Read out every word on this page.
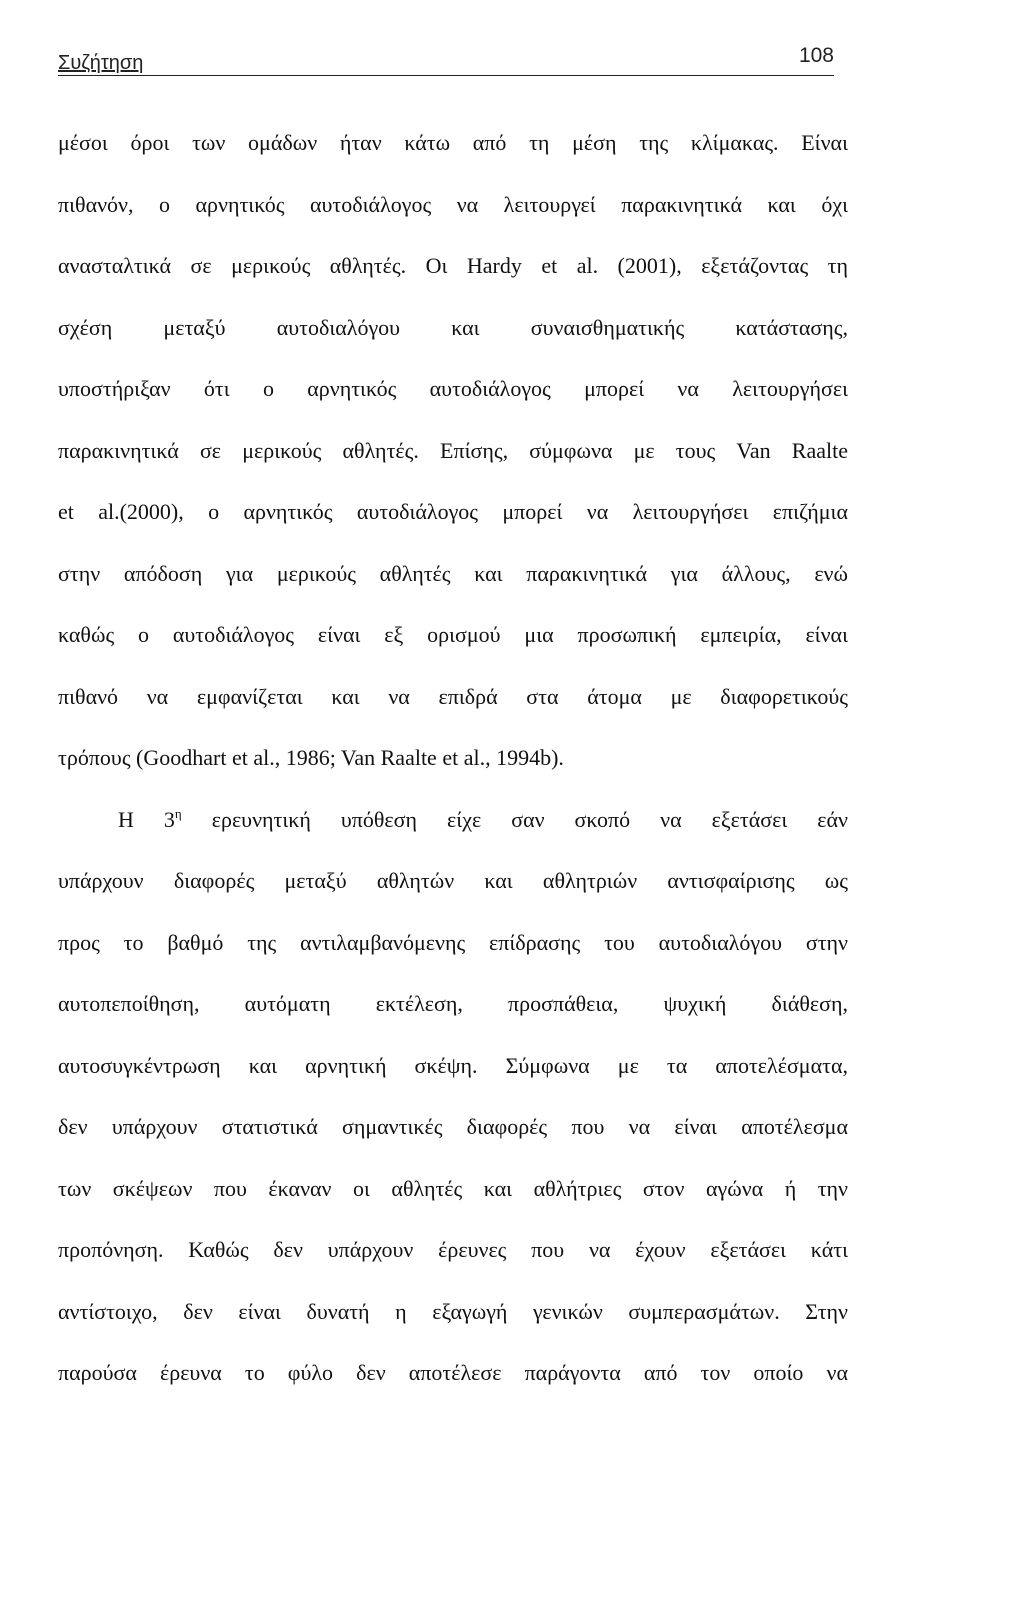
Συζήτηση	108
μέσοι όροι των ομάδων ήταν κάτω από τη μέση της κλίμακας. Είναι
πιθανόν, ο αρνητικός αυτοδιάλογος να λειτουργεί παρακινητικά και όχι
ανασταλτικά σε μερικούς αθλητές. Οι Hardy et al. (2001), εξετάζοντας τη
σχέση μεταξύ αυτοδιαλόγου και συναισθηματικής κατάστασης,
υποστήριξαν ότι ο αρνητικός αυτοδιάλογος μπορεί να λειτουργήσει
παρακινητικά σε μερικούς αθλητές. Επίσης, σύμφωνα με τους Van Raalte
et al.(2000), ο αρνητικός αυτοδιάλογος μπορεί να λειτουργήσει επιζήμια
στην απόδοση για μερικούς αθλητές και παρακινητικά για άλλους, ενώ
καθώς ο αυτοδιάλογος είναι εξ ορισμού μια προσωπική εμπειρία, είναι
πιθανό να εμφανίζεται και να επιδρά στα άτομα με διαφορετικούς
τρόπους (Goodhart et al., 1986; Van Raalte et al., 1994b).
Η $3^\eta$ ερευνητική υπόθεση είχε σαν σκοπό να εξετάσει εάν
υπάρχουν διαφορές μεταξύ αθλητών και αθλητριών αντισφαίρισης ως
προς το βαθμό της αντιλαμβανόμενης επίδρασης του αυτοδιαλόγου στην
αυτοπεποίθηση, αυτόματη εκτέλεση, προσπάθεια, ψυχική διάθεση,
αυτοσυγκέντρωση και αρνητική σκέψη. Σύμφωνα με τα αποτελέσματα,
δεν υπάρχουν στατιστικά σημαντικές διαφορές που να είναι αποτέλεσμα
των σκέψεων που έκαναν οι αθλητές και αθλήτριες στον αγώνα ή την
προπόνηση. Καθώς δεν υπάρχουν έρευνες που να έχουν εξετάσει κάτι
αντίστοιχο, δεν είναι δυνατή η εξαγωγή γενικών συμπερασμάτων. Στην
παρούσα έρευνα το φύλο δεν αποτέλεσε παράγοντα από τον οποίο να
